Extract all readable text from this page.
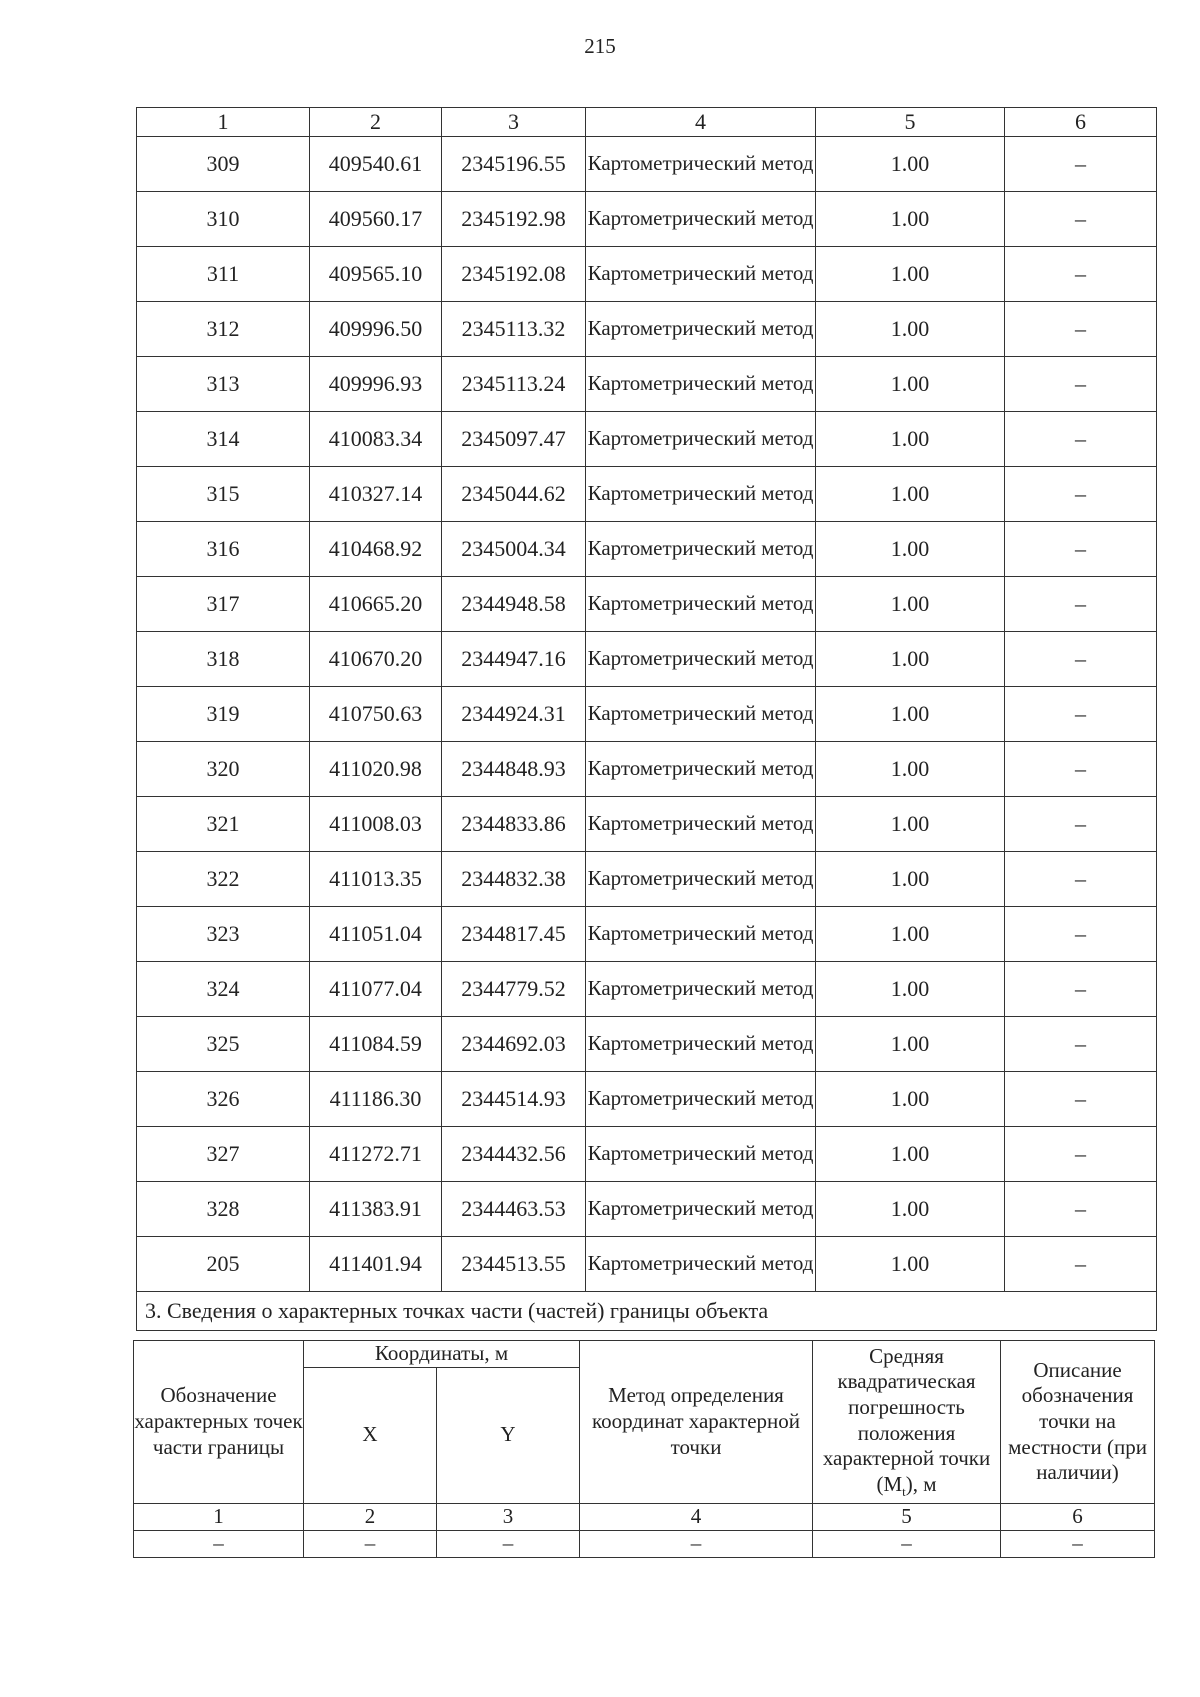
215
1	2	3	4	5	6
309	409540.61	2345196.55	Картометрический метод	1.00	–
310	409560.17	2345192.98	Картометрический метод	1.00	–
311	409565.10	2345192.08	Картометрический метод	1.00	–
312	409996.50	2345113.32	Картометрический метод	1.00	–
313	409996.93	2345113.24	Картометрический метод	1.00	–
314	410083.34	2345097.47	Картометрический метод	1.00	–
315	410327.14	2345044.62	Картометрический метод	1.00	–
316	410468.92	2345004.34	Картометрический метод	1.00	–
317	410665.20	2344948.58	Картометрический метод	1.00	–
318	410670.20	2344947.16	Картометрический метод	1.00	–
319	410750.63	2344924.31	Картометрический метод	1.00	–
320	411020.98	2344848.93	Картометрический метод	1.00	–
321	411008.03	2344833.86	Картометрический метод	1.00	–
322	411013.35	2344832.38	Картометрический метод	1.00	–
323	411051.04	2344817.45	Картометрический метод	1.00	–
324	411077.04	2344779.52	Картометрический метод	1.00	–
325	411084.59	2344692.03	Картометрический метод	1.00	–
326	411186.30	2344514.93	Картометрический метод	1.00	–
327	411272.71	2344432.56	Картометрический метод	1.00	–
328	411383.91	2344463.53	Картометрический метод	1.00	–
205	411401.94	2344513.55	Картометрический метод	1.00	–
3. Сведения о характерных точках части (частей) границы объекта					
Обозначение характерных точек части границы	Координаты, м		Метод определения координат характерной точки	Средняя квадратическая погрешность положения характерной точки $(M_t)$, м	Описание обозначения точки на местности (при наличии)
	X	Y			
1	2	3	4	5	6
–	–	–	–	–	–
